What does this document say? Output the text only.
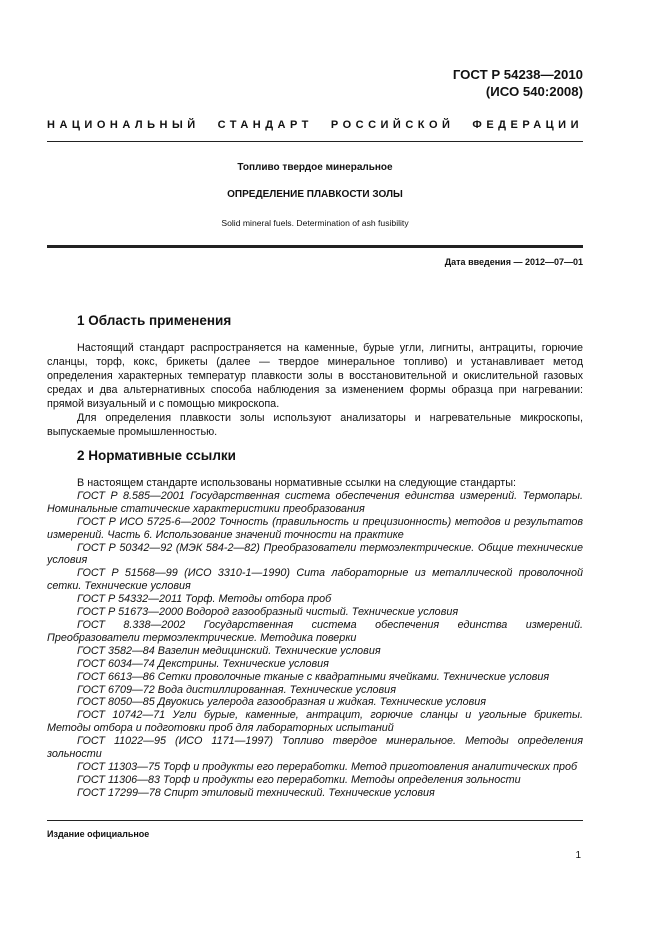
ГОСТ Р 54238—2010
(ИСО 540:2008)
НАЦИОНАЛЬНЫЙ СТАНДАРТ РОССИЙСКОЙ ФЕДЕРАЦИИ
Топливо твердое минеральное
ОПРЕДЕЛЕНИЕ ПЛАВКОСТИ ЗОЛЫ
Solid mineral fuels. Determination of ash fusibility
Дата введения — 2012—07—01
1 Область применения
Настоящий стандарт распространяется на каменные, бурые угли, лигниты, антрациты, горючие сланцы, торф, кокс, брикеты (далее — твердое минеральное топливо) и устанавливает метод определения характерных температур плавкости золы в восстановительной и окислительной газовых средах и два альтернативных способа наблюдения за изменением формы образца при нагревании: прямой визуальный и с помощью микроскопа.
Для определения плавкости золы используют анализаторы и нагревательные микроскопы, выпускаемые промышленностью.
2 Нормативные ссылки

В настоящем стандарте использованы нормативные ссылки на следующие стандарты:

ГОСТ Р 8.585—2001 Государственная система обеспечения единства измерений. Термопары. Номинальные статические характеристики преобразования

ГОСТ Р ИСО 5725-6—2002 Точность (правильность и прецизионность) методов и результатов измерений. Часть 6. Использование значений точности на практике

ГОСТ Р 50342—92 (МЭК 584-2—82) Преобразователи термоэлектрические. Общие технические условия

ГОСТ Р 51568—99 (ИСО 3310-1—1990) Сита лабораторные из металлической проволочной сетки. Технические условия

ГОСТ Р 54332—2011 Торф. Методы отбора проб

ГОСТ Р 51673—2000 Водород газообразный чистый. Технические условия

ГОСТ 8.338—2002 Государственная система обеспечения единства измерений. Преобразователи термоэлектрические. Методика поверки

ГОСТ 3582—84 Вазелин медицинский. Технические условия

ГОСТ 6034—74 Декстрины. Технические условия

ГОСТ 6613—86 Сетки проволочные тканые с квадратными ячейками. Технические условия

ГОСТ 6709—72 Вода дистиллированная. Технические условия

ГОСТ 8050—85 Двуокись углерода газообразная и жидкая. Технические условия

ГОСТ 10742—71 Угли бурые, каменные, антрацит, горючие сланцы и угольные брикеты. Методы отбора и подготовки проб для лабораторных испытаний

ГОСТ 11022—95 (ИСО 1171—1997) Топливо твердое минеральное. Методы определения зольности

ГОСТ 11303—75 Торф и продукты его переработки. Метод приготовления аналитических проб

ГОСТ 11306—83 Торф и продукты его переработки. Методы определения зольности

ГОСТ 17299—78 Спирт этиловый технический. Технические условия

Издание официальное
1
